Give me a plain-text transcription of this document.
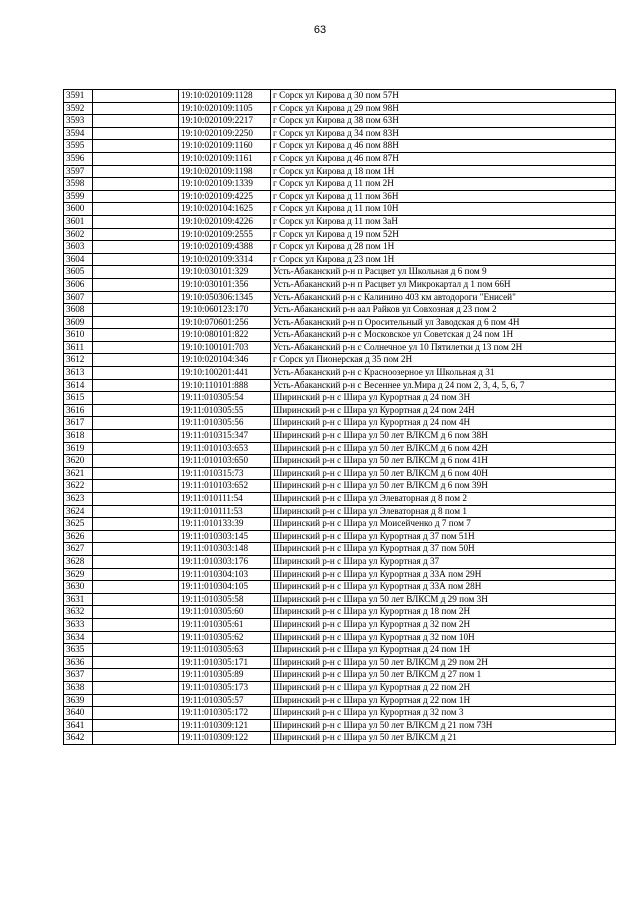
63
3591		19:10:020109:1128	г Сорск ул Кирова д 30 пом 57Н
3592		19:10:020109:1105	г Сорск ул Кирова д 29 пом 98Н
3593		19:10:020109:2217	г Сорск ул Кирова д 38 пом 63Н
3594		19:10:020109:2250	г Сорск ул Кирова д 34 пом 83Н
3595		19:10:020109:1160	г Сорск ул Кирова д 46 пом 88Н
3596		19:10:020109:1161	г Сорск ул Кирова д 46 пом 87Н
3597		19:10:020109:1198	г Сорск ул Кирова д 18 пом 1Н
3598		19:10:020109:1339	г Сорск ул Кирова д 11 пом 2Н
3599		19:10:020109:4225	г Сорск ул Кирова д 11 пом 36Н
3600		19:10:020104:1625	г Сорск ул Кирова д 11 пом 10Н
3601		19:10:020109:4226	г Сорск ул Кирова д 11 пом 3аН
3602		19:10:020109:2555	г Сорск ул Кирова д 19 пом 52Н
3603		19:10:020109:4388	г Сорск ул Кирова д 28 пом 1Н
3604		19:10:020109:3314	г Сорск ул Кирова д 23 пом 1Н
3605		19:10:030101:329	Усть-Абаканский р-н п Расцвет ул Школьная д 6 пом 9
3606		19:10:030101:356	Усть-Абаканский р-н п Расцвет ул Микрокартал д 1 пом 66Н
3607		19:10:050306:1345	Усть-Абаканский р-н с Калинино 403 км автодороги "Енисей"
3608		19:10:060123:170	Усть-Абаканский р-н аал Райков ул Совхозная д 23 пом 2
3609		19:10:070601:256	Усть-Абаканский р-н п Оросительный ул Заводская д 6 пом 4Н
3610		19:10:080101:822	Усть-Абаканский р-н с Московское ул Советская д 24 пом 1Н
3611		19:10:100101:703	Усть-Абаканский р-н с Солнечное ул 10 Пятилетки д 13 пом 2Н
3612		19:10:020104:346	г Сорск ул Пионерская д 35 пом 2Н
3613		19:10:100201:441	Усть-Абаканский р-н с Красноозерное ул Школьная д 31
3614		19:10:110101:888	Усть-Абаканский р-н с Весеннее ул.Мира д 24 пом 2, 3, 4, 5, 6, 7
3615		19:11:010305:54	Ширинский р-н с Шира ул Курортная д 24 пом 3Н
3616		19:11:010305:55	Ширинский р-н с Шира ул Курортная д 24 пом 24Н
3617		19:11:010305:56	Ширинский р-н с Шира ул Курортная д 24 пом 4Н
3618		19:11:010315:347	Ширинский р-н с Шира ул 50 лет ВЛКСМ д 6 пом 38Н
3619		19:11:010103:653	Ширинский р-н с Шира ул 50 лет ВЛКСМ д 6 пом 42Н
3620		19:11:010103:650	Ширинский р-н с Шира ул 50 лет ВЛКСМ д 6 пом 41Н
3621		19:11:010315:73	Ширинский р-н с Шира ул 50 лет ВЛКСМ д 6 пом 40Н
3622		19:11:010103:652	Ширинский р-н с Шира ул 50 лет ВЛКСМ д 6 пом 39Н
3623		19:11:010111:54	Ширинский р-н с Шира ул Элеваторная д 8 пом 2
3624		19:11:010111:53	Ширинский р-н с Шира ул Элеваторная д 8 пом 1
3625		19:11:010133:39	Ширинский р-н с Шира ул Моисейченко д 7 пом 7
3626		19:11:010303:145	Ширинский р-н с Шира ул Курортная д 37 пом 51Н
3627		19:11:010303:148	Ширинский р-н с Шира ул Курортная д 37 пом 50Н
3628		19:11:010303:176	Ширинский р-н с Шира ул Курортная д 37
3629		19:11:010304:103	Ширинский р-н с Шира ул Курортная д 33А пом 29Н
3630		19:11:010304:105	Ширинский р-н с Шира ул Курортная д 33А пом 28Н
3631		19:11:010305:58	Ширинский р-н с Шира ул 50 лет ВЛКСМ д 29 пом 3Н
3632		19:11:010305:60	Ширинский р-н с Шира ул Курортная д 18 пом 2Н
3633		19:11:010305:61	Ширинский р-н с Шира ул Курортная д 32 пом 2Н
3634		19:11:010305:62	Ширинский р-н с Шира ул Курортная д 32 пом 10Н
3635		19:11:010305:63	Ширинский р-н с Шира ул Курортная д 24 пом 1Н
3636		19:11:010305:171	Ширинский р-н с Шира ул 50 лет ВЛКСМ д 29 пом 2Н
3637		19:11:010305:89	Ширинский р-н с Шира ул 50 лет ВЛКСМ д 27 пом 1
3638		19:11:010305:173	Ширинский р-н с Шира ул Курортная д 22 пом 2Н
3639		19:11:010305:57	Ширинский р-н с Шира ул Курортная д 22 пом 1Н
3640		19:11:010305:172	Ширинский р-н с Шира ул Курортная д 32 пом 3
3641		19:11:010309:121	Ширинский р-н с Шира ул 50 лет ВЛКСМ д 21 пом 73Н
3642		19:11:010309:122	Ширинский р-н с Шира ул 50 лет ВЛКСМ д 21
